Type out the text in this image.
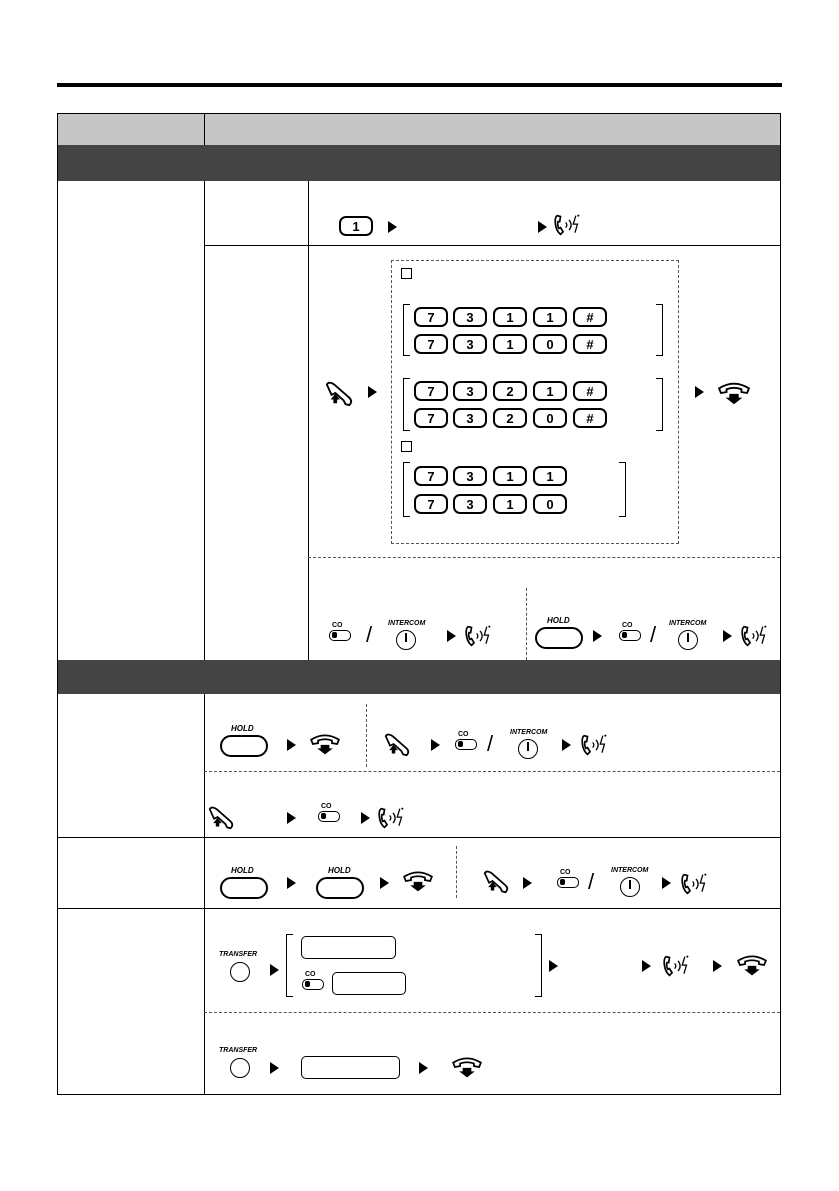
1
7	3	1	1	#
7	3	1	0	#
7	3	2	1	#
7	3	2	0	#
7	3	1	1
7	3	1	0
CO / INTERCOM	HOLD
CO / INTERCOM
HOLD
CO / INTERCOM
CO
HOLD	HOLD	CO / INTERCOM
TRANSFER
CO
TRANSFER
